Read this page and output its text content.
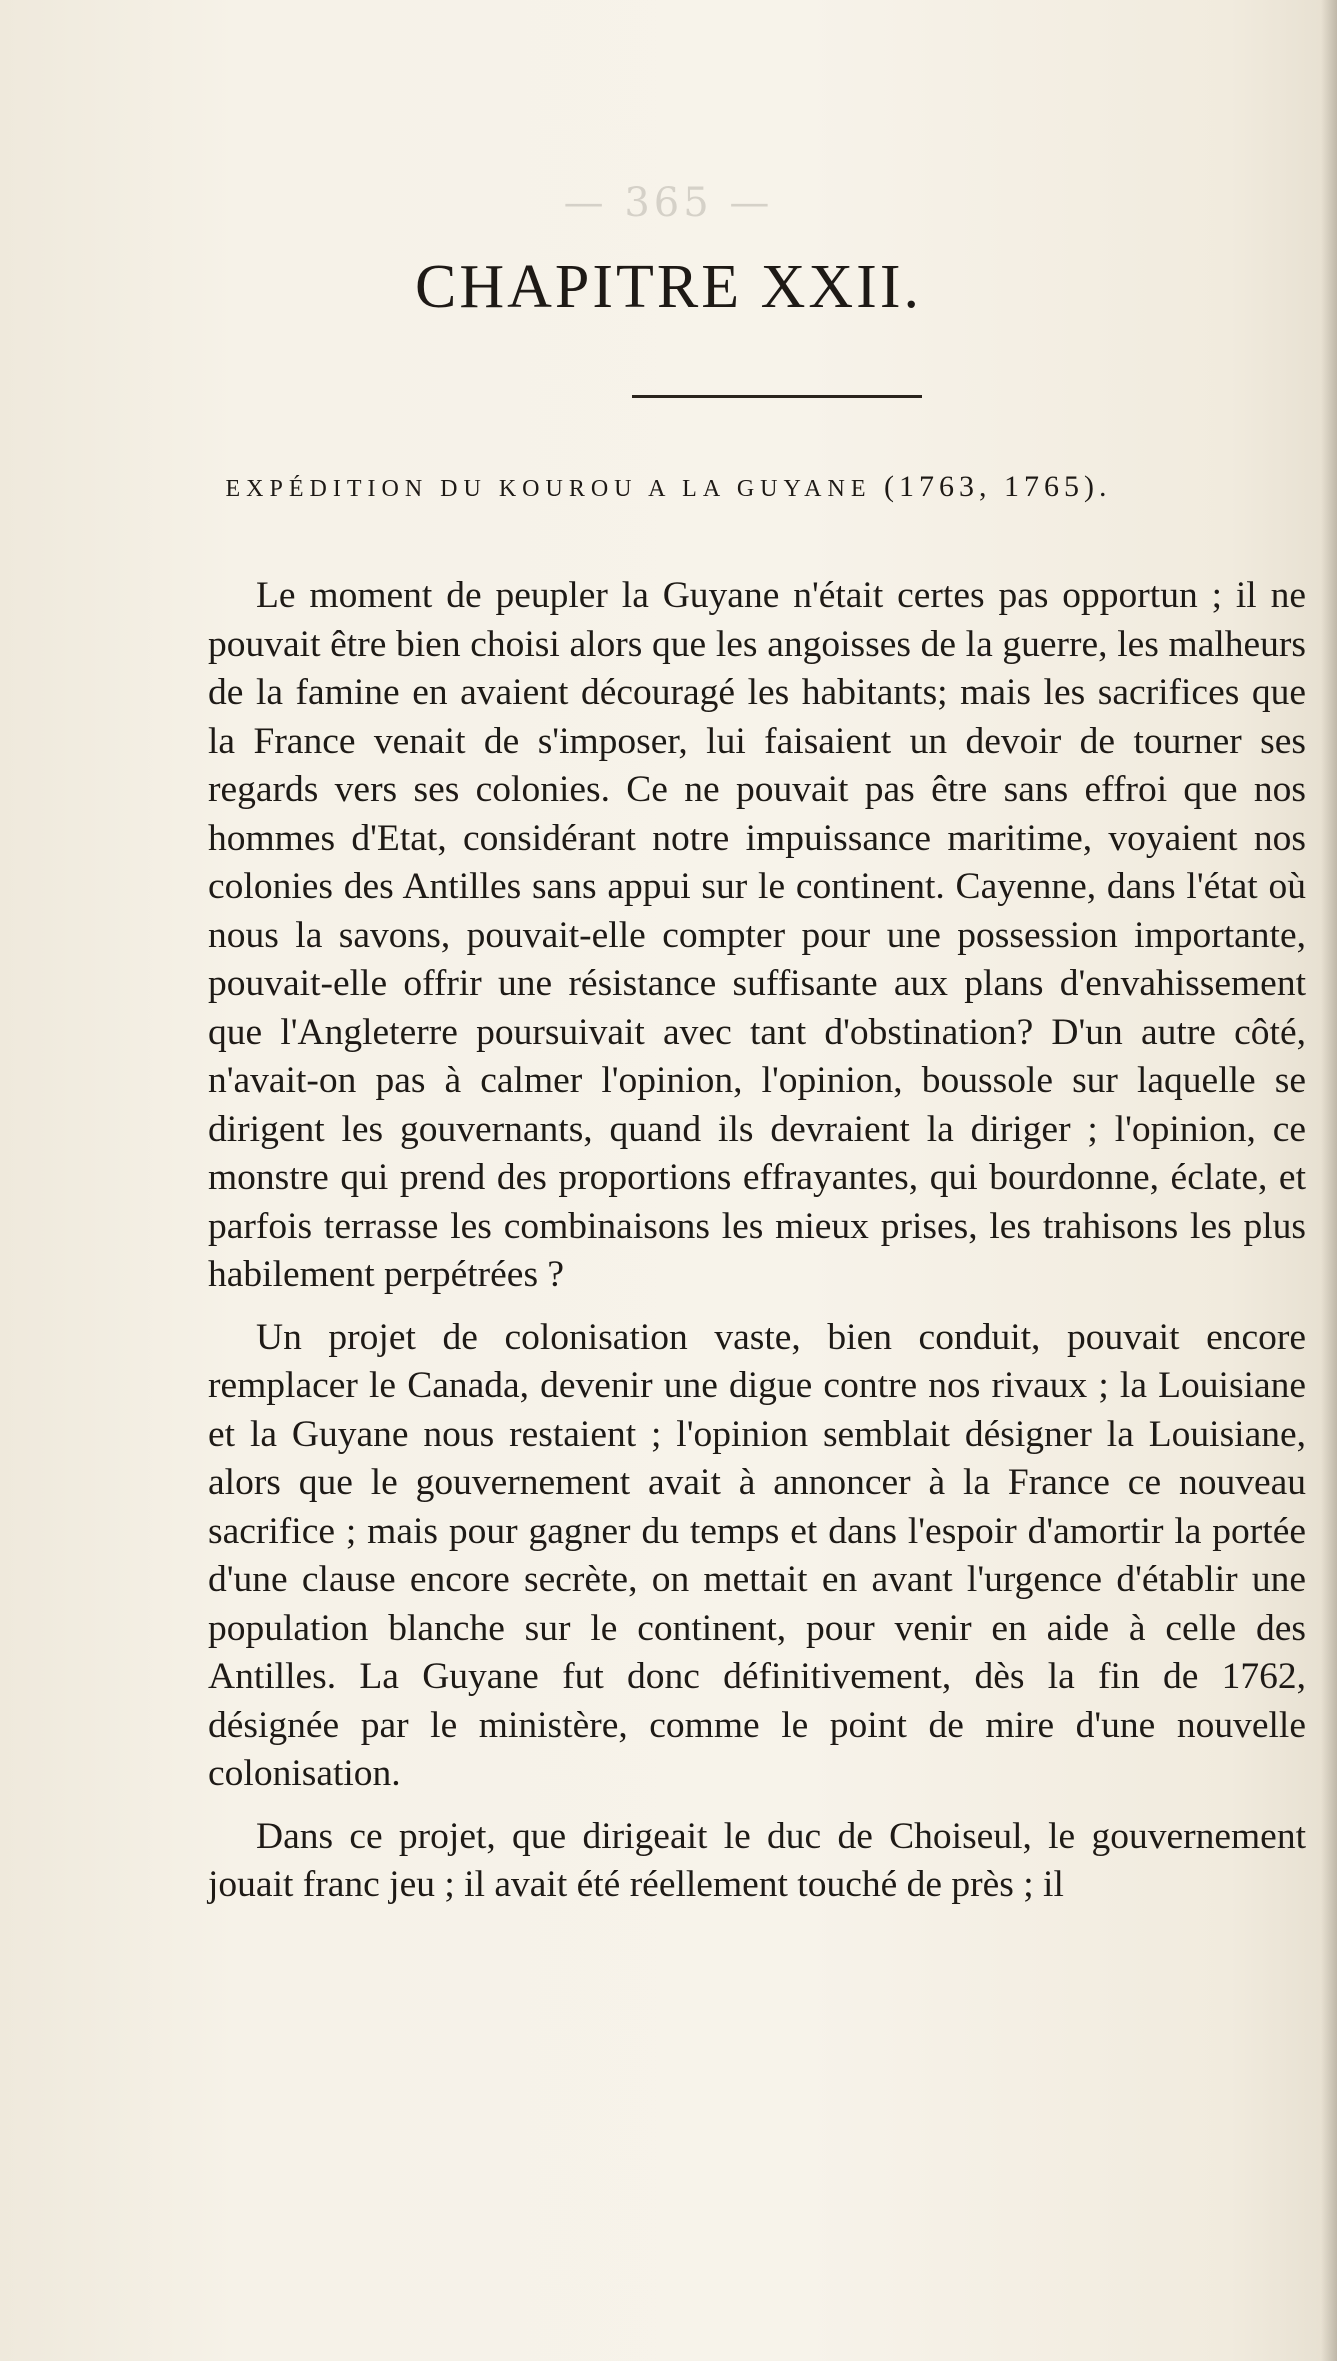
— 365 —
CHAPITRE XXII.
EXPÉDITION DU KOUROU A LA GUYANE (1763, 1765).

Le moment de peupler la Guyane n'était certes pas opportun ; il ne pouvait être bien choisi alors que les angoisses de la guerre, les malheurs de la famine en avaient découragé les habitants; mais les sacrifices que la France venait de s'imposer, lui faisaient un devoir de tourner ses regards vers ses colonies. Ce ne pouvait pas être sans effroi que nos hommes d'Etat, considérant notre impuissance maritime, voyaient nos colonies des Antilles sans appui sur le continent. Cayenne, dans l'état où nous la savons, pouvait-elle compter pour une possession importante, pouvait-elle offrir une résistance suffisante aux plans d'envahissement que l'Angleterre poursuivait avec tant d'obstination? D'un autre côté, n'avait-on pas à calmer l'opinion, l'opinion, boussole sur laquelle se dirigent les gouvernants, quand ils devraient la diriger ; l'opinion, ce monstre qui prend des proportions effrayantes, qui bourdonne, éclate, et parfois terrasse les combinaisons les mieux prises, les trahisons les plus habilement perpétrées ?

Un projet de colonisation vaste, bien conduit, pouvait encore remplacer le Canada, devenir une digue contre nos rivaux ; la Louisiane et la Guyane nous restaient ; l'opinion semblait désigner la Louisiane, alors que le gouvernement avait à annoncer à la France ce nouveau sacrifice ; mais pour gagner du temps et dans l'espoir d'amortir la portée d'une clause encore secrète, on mettait en avant l'urgence d'établir une population blanche sur le continent, pour venir en aide à celle des Antilles. La Guyane fut donc définitivement, dès la fin de 1762, désignée par le ministère, comme le point de mire d'une nouvelle colonisation.

Dans ce projet, que dirigeait le duc de Choiseul, le gouvernement jouait franc jeu ; il avait été réellement touché de près ; il
